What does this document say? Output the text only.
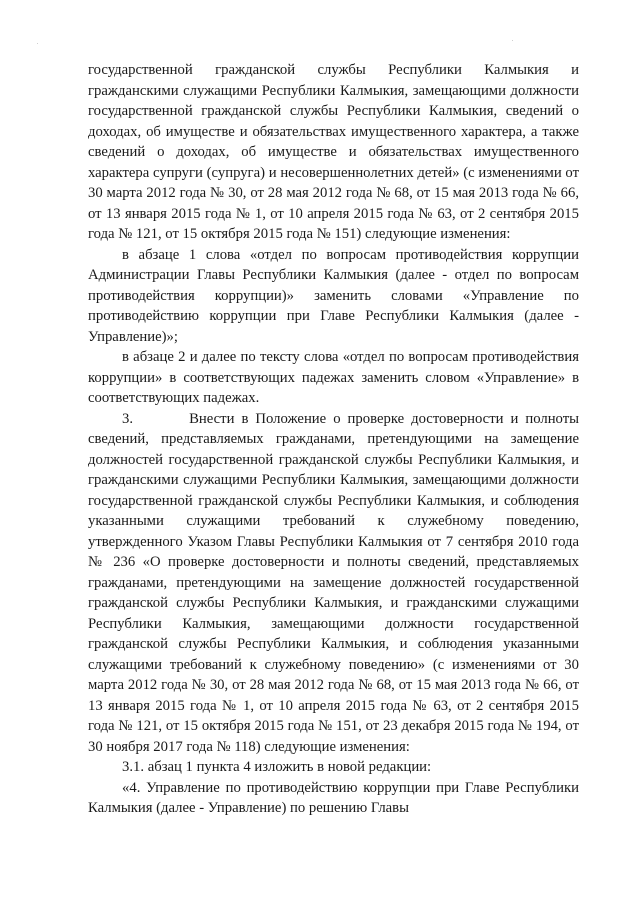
государственной гражданской службы Республики Калмыкия и гражданскими служащими Республики Калмыкия, замещающими должности государственной гражданской службы Республики Калмыкия, сведений о доходах, об имуществе и обязательствах имущественного характера, а также сведений о доходах, об имуществе и обязательствах имущественного характера супруги (супруга) и несовершеннолетних детей» (с изменениями от 30 марта 2012 года № 30, от 28 мая 2012 года № 68, от 15 мая 2013 года № 66, от 13 января 2015 года № 1, от 10 апреля 2015 года № 63, от 2 сентября 2015 года № 121, от 15 октября 2015 года № 151) следующие изменения:

в абзаце 1 слова «отдел по вопросам противодействия коррупции Администрации Главы Республики Калмыкия (далее - отдел по вопросам противодействия коррупции)» заменить словами «Управление по противодействию коррупции при Главе Республики Калмыкия (далее - Управление)»;

в абзаце 2 и далее по тексту слова «отдел по вопросам противодействия коррупции» в соответствующих падежах заменить словом «Управление» в соответствующих падежах.

3.        Внести в Положение о проверке достоверности и полноты сведений, представляемых гражданами, претендующими на замещение должностей государственной гражданской службы Республики Калмыкия, и гражданскими служащими Республики Калмыкия, замещающими должности государственной гражданской службы Республики Калмыкия, и соблюдения указанными служащими требований к служебному поведению, утвержденного Указом Главы Республики Калмыкия от 7 сентября 2010 года № 236 «О проверке достоверности и полноты сведений, представляемых гражданами, претендующими на замещение должностей государственной гражданской службы Республики Калмыкия, и гражданскими служащими Республики Калмыкия, замещающими должности государственной гражданской службы Республики Калмыкия, и соблюдения указанными служащими требований к служебному поведению» (с изменениями от 30 марта 2012 года № 30, от 28 мая 2012 года № 68, от 15 мая 2013 года № 66, от 13 января 2015 года № 1, от 10 апреля 2015 года № 63, от 2 сентября 2015 года № 121, от 15 октября 2015 года № 151, от 23 декабря 2015 года № 194, от 30 ноября 2017 года № 118) следующие изменения:

3.1. абзац 1 пункта 4 изложить в новой редакции:

«4. Управление по противодействию коррупции при Главе Республики Калмыкия (далее - Управление) по решению Главы
